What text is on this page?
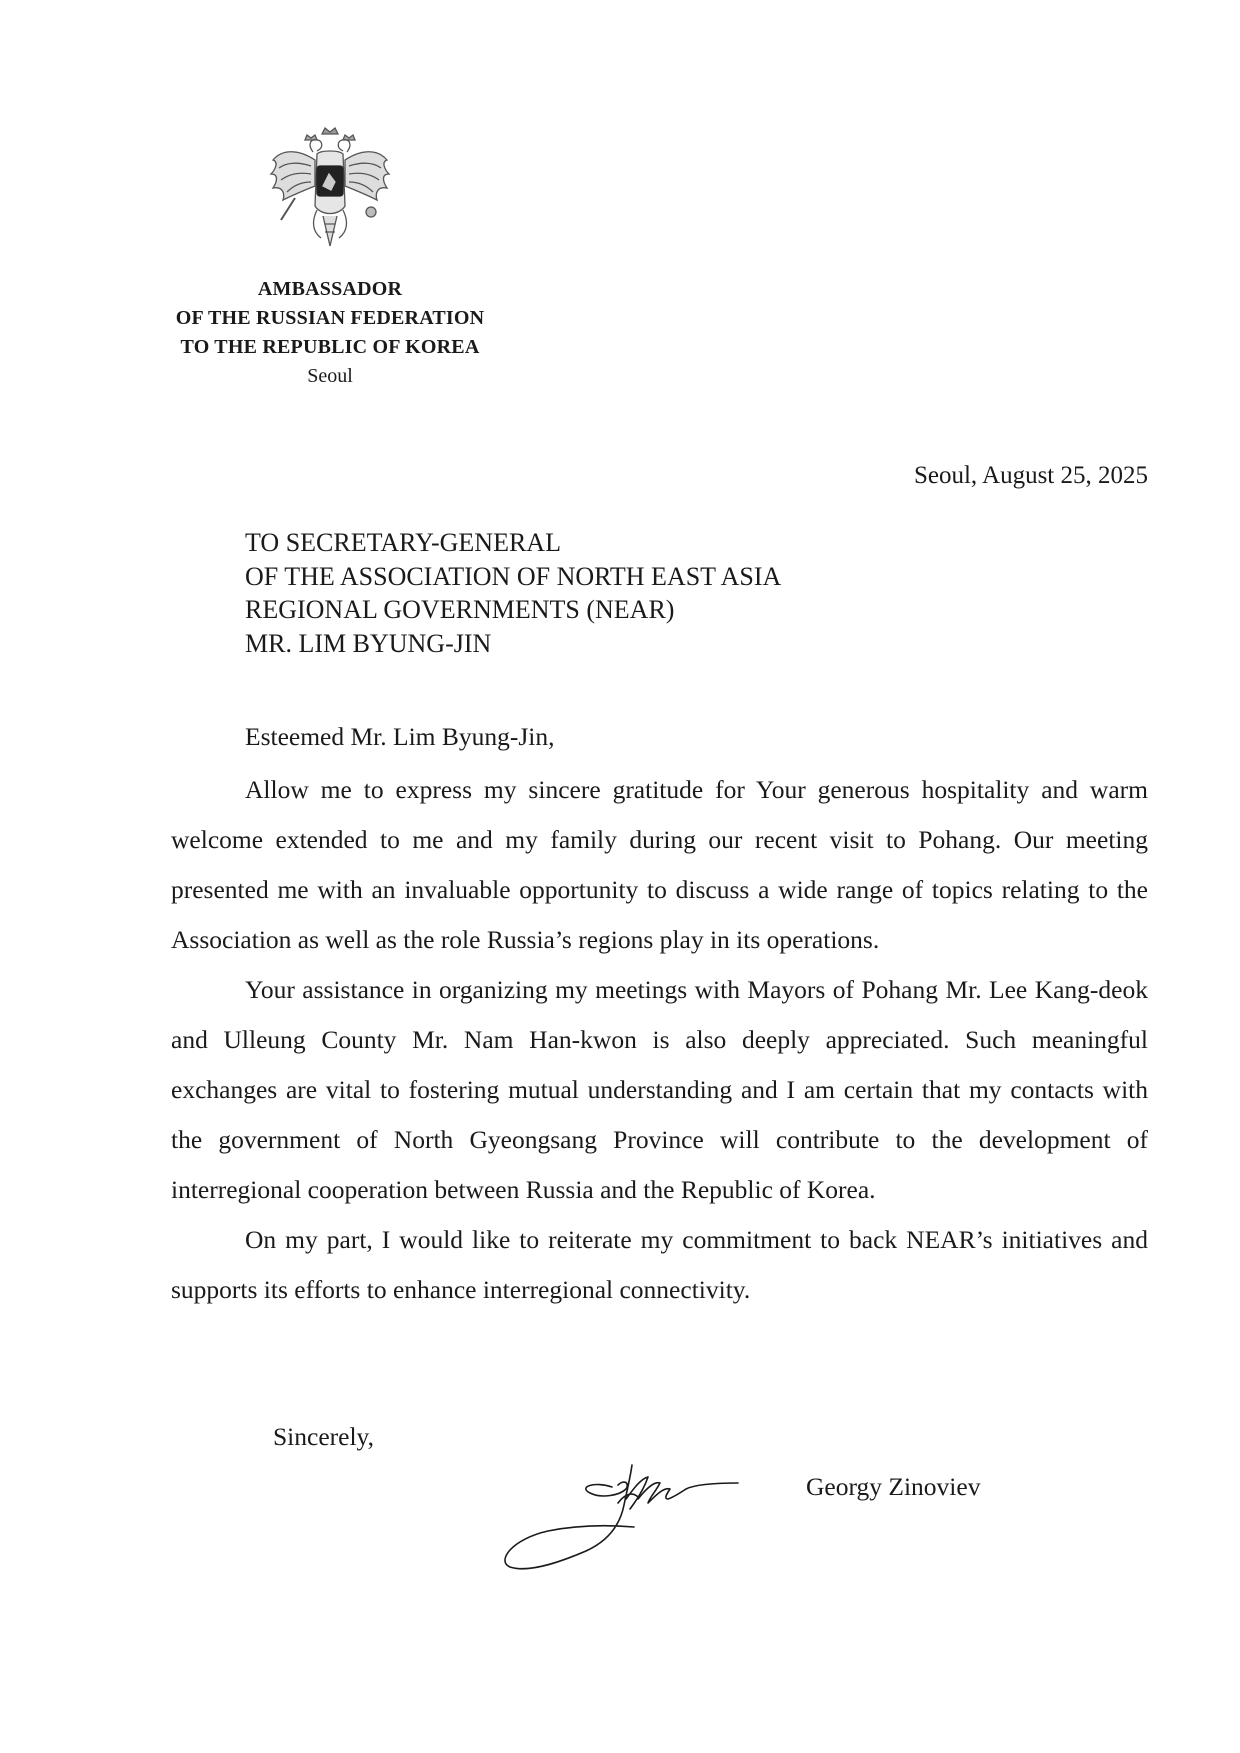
AMBASSADOR
OF THE RUSSIAN FEDERATION
TO THE REPUBLIC OF KOREA
Seoul
Seoul, August 25, 2025
TO SECRETARY-GENERAL
OF THE ASSOCIATION OF NORTH EAST ASIA
REGIONAL GOVERNMENTS (NEAR)
MR. LIM BYUNG-JIN
Esteemed Mr. Lim Byung-Jin,

Allow me to express my sincere gratitude for Your generous hospitality and warm welcome extended to me and my family during our recent visit to Pohang. Our meeting presented me with an invaluable opportunity to discuss a wide range of topics relating to the Association as well as the role Russia’s regions play in its operations.

Your assistance in organizing my meetings with Mayors of Pohang Mr. Lee Kang-deok and Ulleung County Mr. Nam Han-kwon is also deeply appreciated. Such meaningful exchanges are vital to fostering mutual understanding and I am certain that my contacts with the government of North Gyeongsang Province will contribute to the development of interregional cooperation between Russia and the Republic of Korea.

On my part, I would like to reiterate my commitment to back NEAR’s initiatives and supports its efforts to enhance interregional connectivity.

Sincerely,
Georgy Zinoviev
